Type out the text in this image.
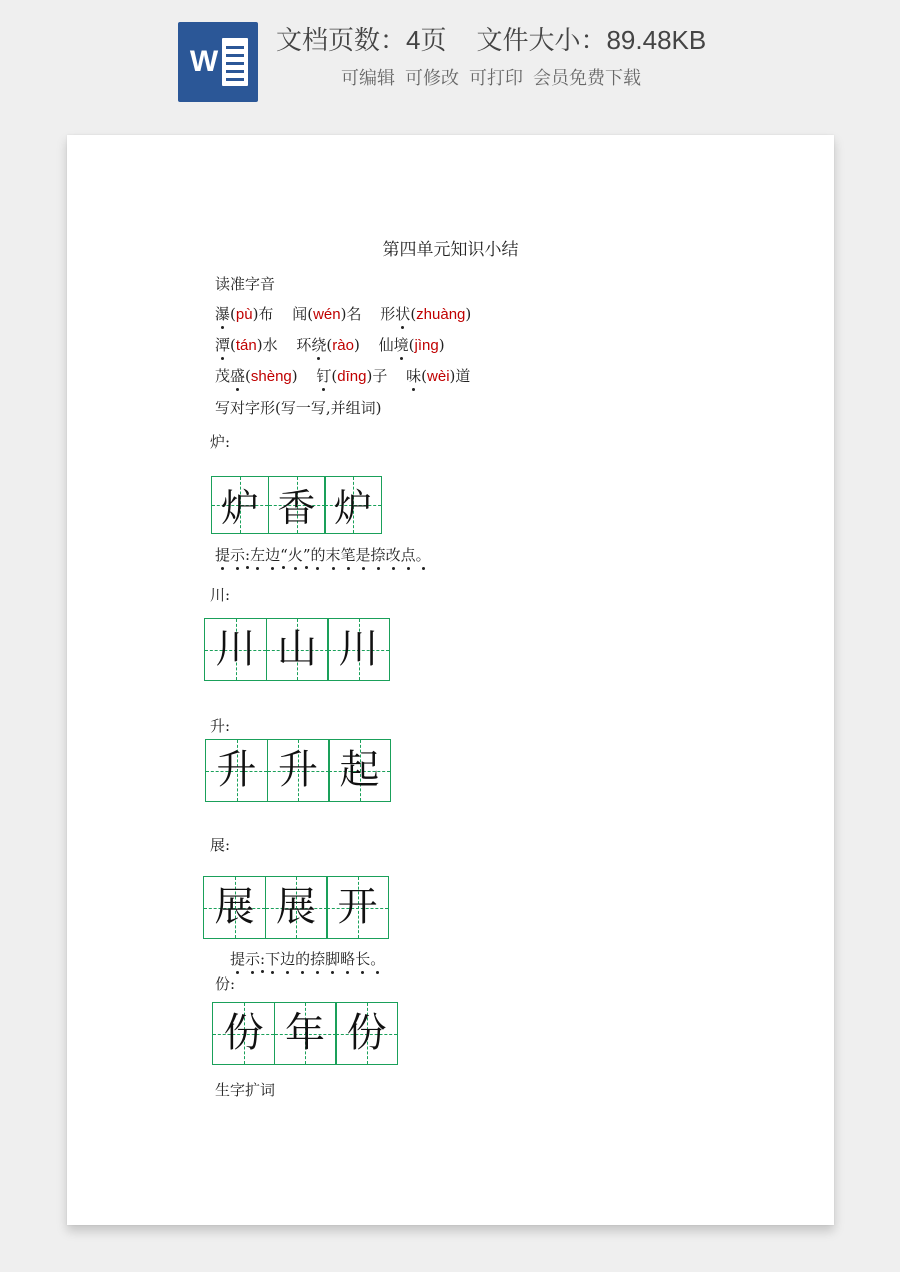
W
文档页数：4页 文件大小：89.48KB
可编辑 可修改 可打印 会员免费下载
第四单元知识小结
读准字音
瀑(pù)布 闻(wén)名 形状(zhuàng)
潭(tán)水 环绕(rào) 仙境(jìng)
茂盛(shèng) 钉(dīng)子 味(wèi)道
写对字形(写一写,并组词)
炉:
炉 香 炉
提示:左边“火”的末笔是捺改点。
川:
川 山 川
升:
升 升 起
展:
展 展 开
提示:下边的捺脚略长。
份:
份 年 份
生字扩词
